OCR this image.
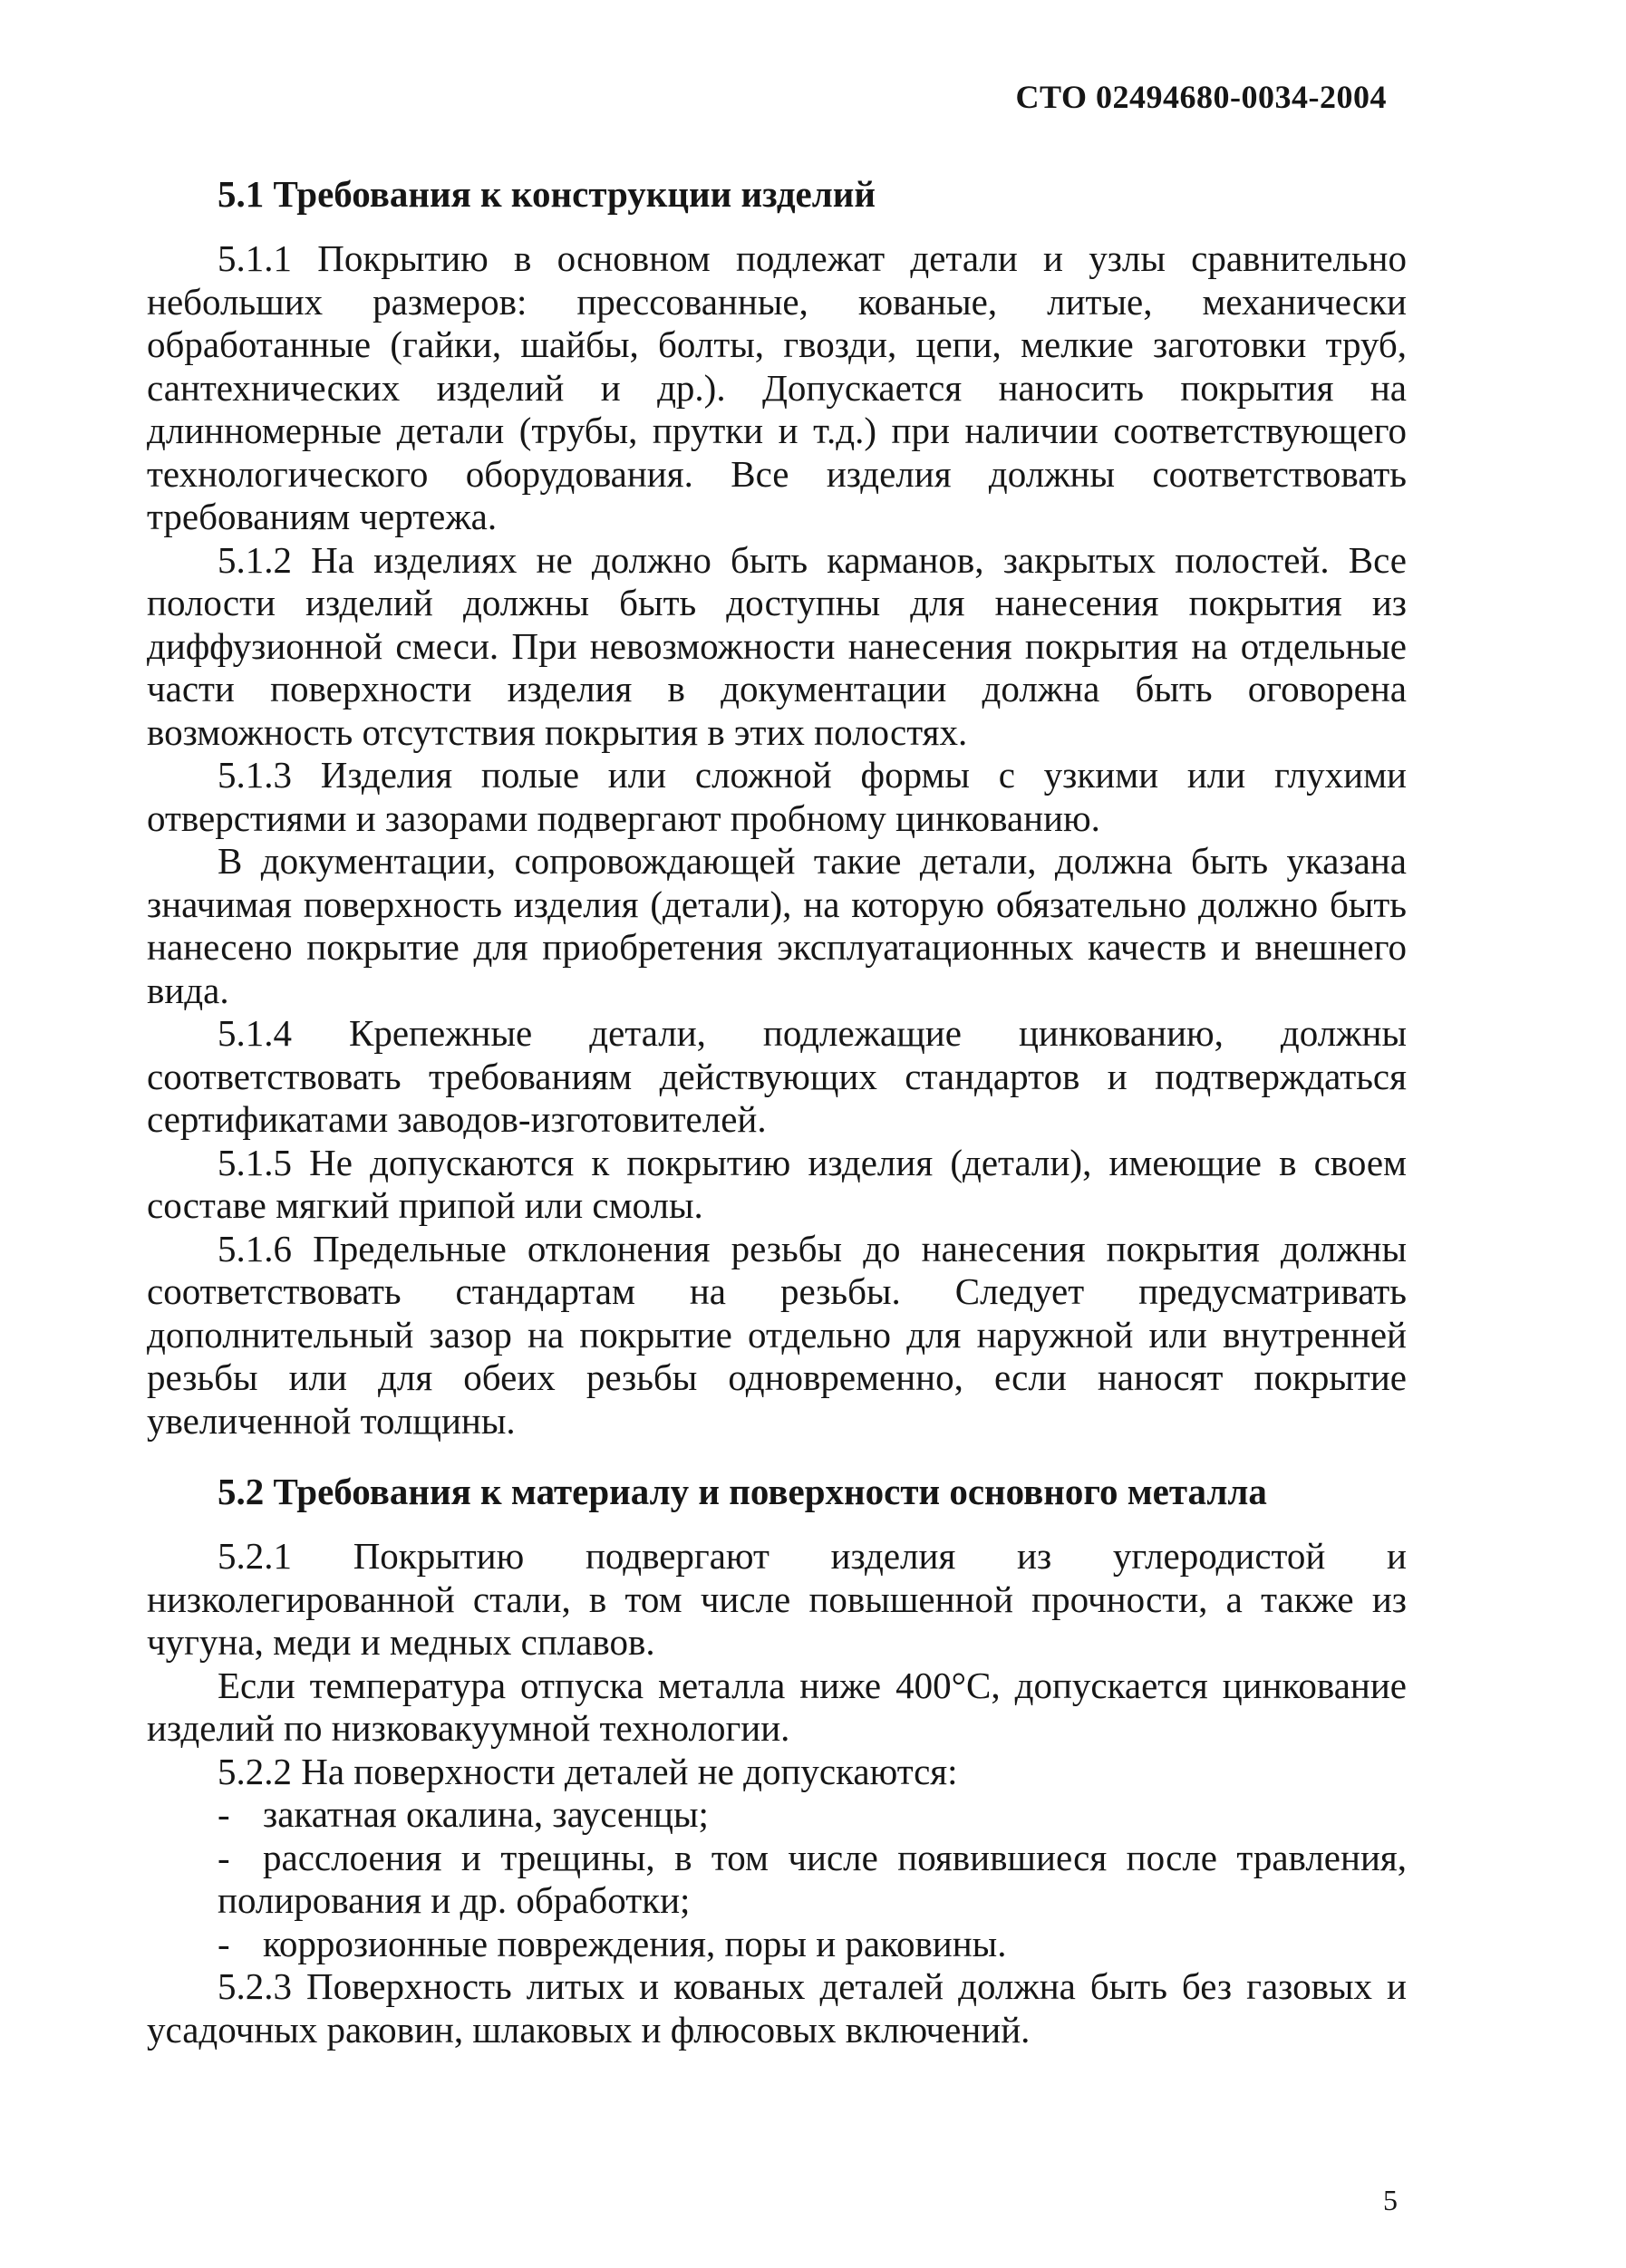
СТО 02494680-0034-2004
5.1 Требования к конструкции изделий

5.1.1 Покрытию в основном подлежат детали и узлы сравнительно небольших размеров: прессованные, кованые, литые, механически обработанные (гайки, шайбы, болты, гвозди, цепи, мелкие заготовки труб, сантехнических изделий и др.). Допускается наносить покрытия на длинномерные детали (трубы, прутки и т.д.) при наличии соответствующего технологического оборудования. Все изделия должны соответствовать требованиям чертежа.

5.1.2 На изделиях не должно быть карманов, закрытых полостей. Все полости изделий должны быть доступны для нанесения покрытия из диффузионной смеси. При невозможности нанесения покрытия на отдельные части поверхности изделия в документации должна быть оговорена возможность отсутствия покрытия в этих полостях.

5.1.3 Изделия полые или сложной формы с узкими или глухими отверстиями и зазорами подвергают пробному цинкованию.

В документации, сопровождающей такие детали, должна быть указана значимая поверхность изделия (детали), на которую обязательно должно быть нанесено покрытие для приобретения эксплуатационных качеств и внешнего вида.

5.1.4 Крепежные детали, подлежащие цинкованию, должны соответствовать требованиям действующих стандартов и подтверждаться сертификатами заводов-изготовителей.

5.1.5 Не допускаются к покрытию изделия (детали), имеющие в своем составе мягкий припой или смолы.

5.1.6 Предельные отклонения резьбы до нанесения покрытия должны соответствовать стандартам на резьбы. Следует предусматривать дополнительный зазор на покрытие отдельно для наружной или внутренней резьбы или для обеих резьбы одновременно, если наносят покрытие увеличенной толщины.

5.2 Требования к материалу и поверхности основного металла

5.2.1 Покрытию подвергают изделия из углеродистой и низколегированной стали, в том числе повышенной прочности, а также из чугуна, меди и медных сплавов.

Если температура отпуска металла ниже 400°С, допускается цинкование изделий по низковакуумной технологии.

5.2.2 На поверхности деталей не допускаются:

- закатная окалина, заусенцы;

- расслоения и трещины, в том числе появившиеся после травления, полирования и др. обработки;

- коррозионные повреждения, поры и раковины.

5.2.3 Поверхность литых и кованых деталей должна быть без газовых и усадочных раковин, шлаковых и флюсовых включений.

5
